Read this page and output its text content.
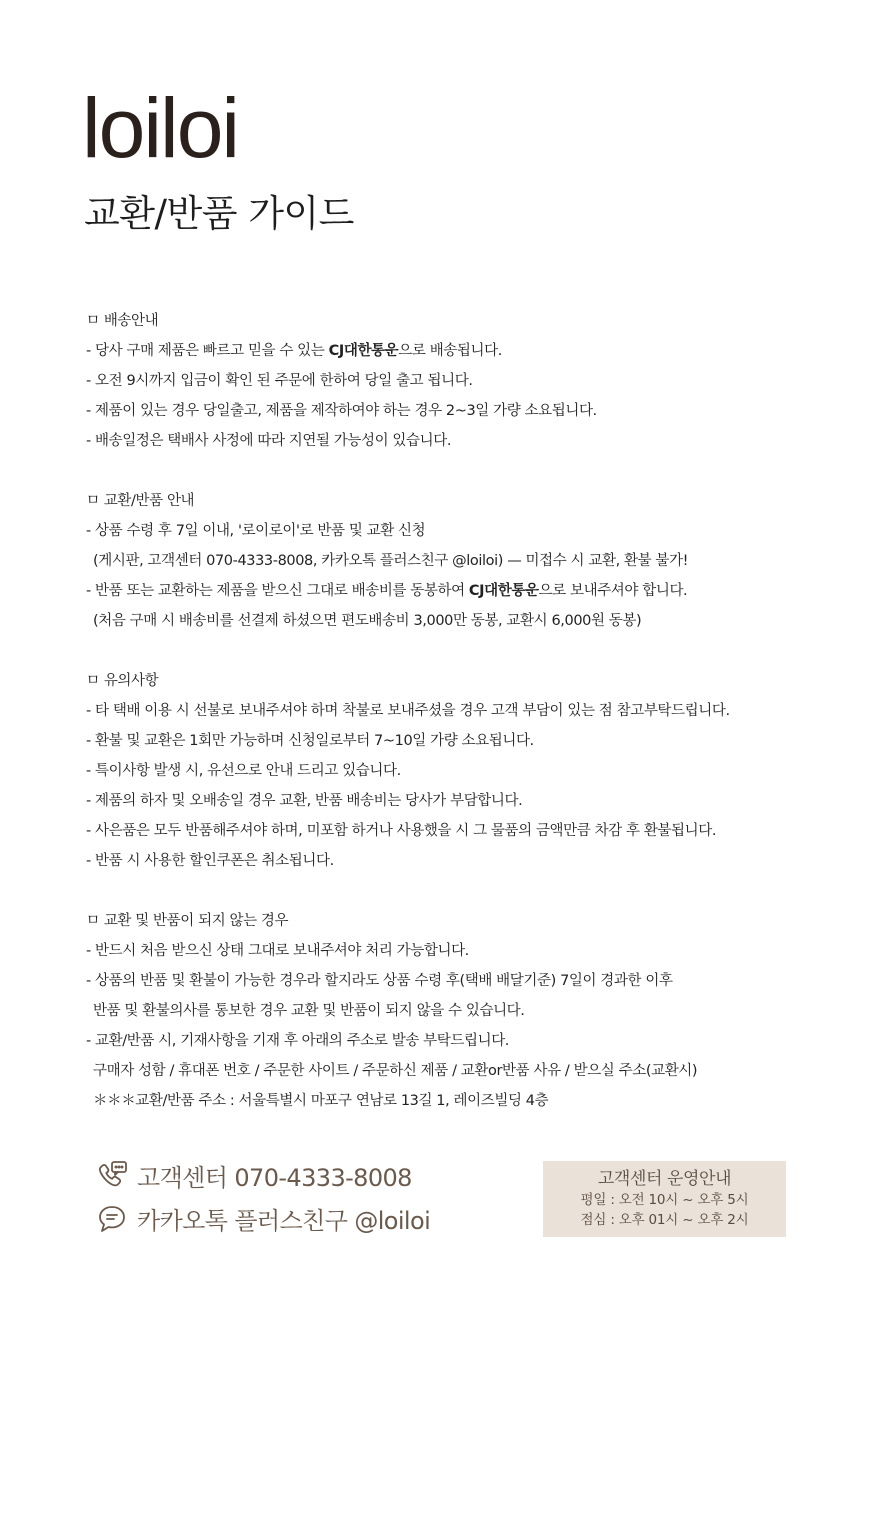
loiloi
교환/반품 가이드
ㅁ 배송안내
- 당사 구매 제품은 빠르고 믿을 수 있는 CJ대한통운으로 배송됩니다.
- 오전 9시까지 입금이 확인 된 주문에 한하여 당일 출고 됩니다.
- 제품이 있는 경우 당일출고, 제품을 제작하여야 하는 경우 2~3일 가량 소요됩니다.
- 배송일정은 택배사 사정에 따라 지연될 가능성이 있습니다.
ㅁ 교환/반품 안내
- 상품 수령 후 7일 이내, '로이로이'로 반품 및 교환 신청
(게시판, 고객센터 070-4333-8008, 카카오톡 플러스친구 @loiloi) — 미접수 시 교환, 환불 불가!
- 반품 또는 교환하는 제품을 받으신 그대로 배송비를 동봉하여 CJ대한통운으로 보내주셔야 합니다.
(처음 구매 시 배송비를 선결제 하셨으면 편도배송비 3,000만 동봉, 교환시 6,000원 동봉)
ㅁ 유의사항
- 타 택배 이용 시 선불로 보내주셔야 하며 착불로 보내주셨을 경우 고객 부담이 있는 점 참고부탁드립니다.
- 환불 및 교환은 1회만 가능하며 신청일로부터 7~10일 가량 소요됩니다.
- 특이사항 발생 시, 유선으로 안내 드리고 있습니다.
- 제품의 하자 및 오배송일 경우 교환, 반품 배송비는 당사가 부담합니다.
- 사은품은 모두 반품해주셔야 하며, 미포함 하거나 사용했을 시 그 물품의 금액만큼 차감 후 환불됩니다.
- 반품 시 사용한 할인쿠폰은 취소됩니다.
ㅁ 교환 및 반품이 되지 않는 경우
- 반드시 처음 받으신 상태 그대로 보내주셔야 처리 가능합니다.
- 상품의 반품 및 환불이 가능한 경우라 할지라도 상품 수령 후(택배 배달기준) 7일이 경과한 이후
반품 및 환불의사를 통보한 경우 교환 및 반품이 되지 않을 수 있습니다.
- 교환/반품 시, 기재사항을 기재 후 아래의 주소로 발송 부탁드립니다.
구매자 성함 / 휴대폰 번호 / 주문한 사이트 / 주문하신 제품 / 교환or반품 사유 / 받으실 주소(교환시)
＊＊＊교환/반품 주소 : 서울특별시 마포구 연남로 13길 1, 레이즈빌딩 4층
고객센터 070-4333-8008
카카오톡 플러스친구 @loiloi
고객센터 운영안내
평일 : 오전 10시 ~ 오후 5시
점심 : 오후 01시 ~ 오후 2시
